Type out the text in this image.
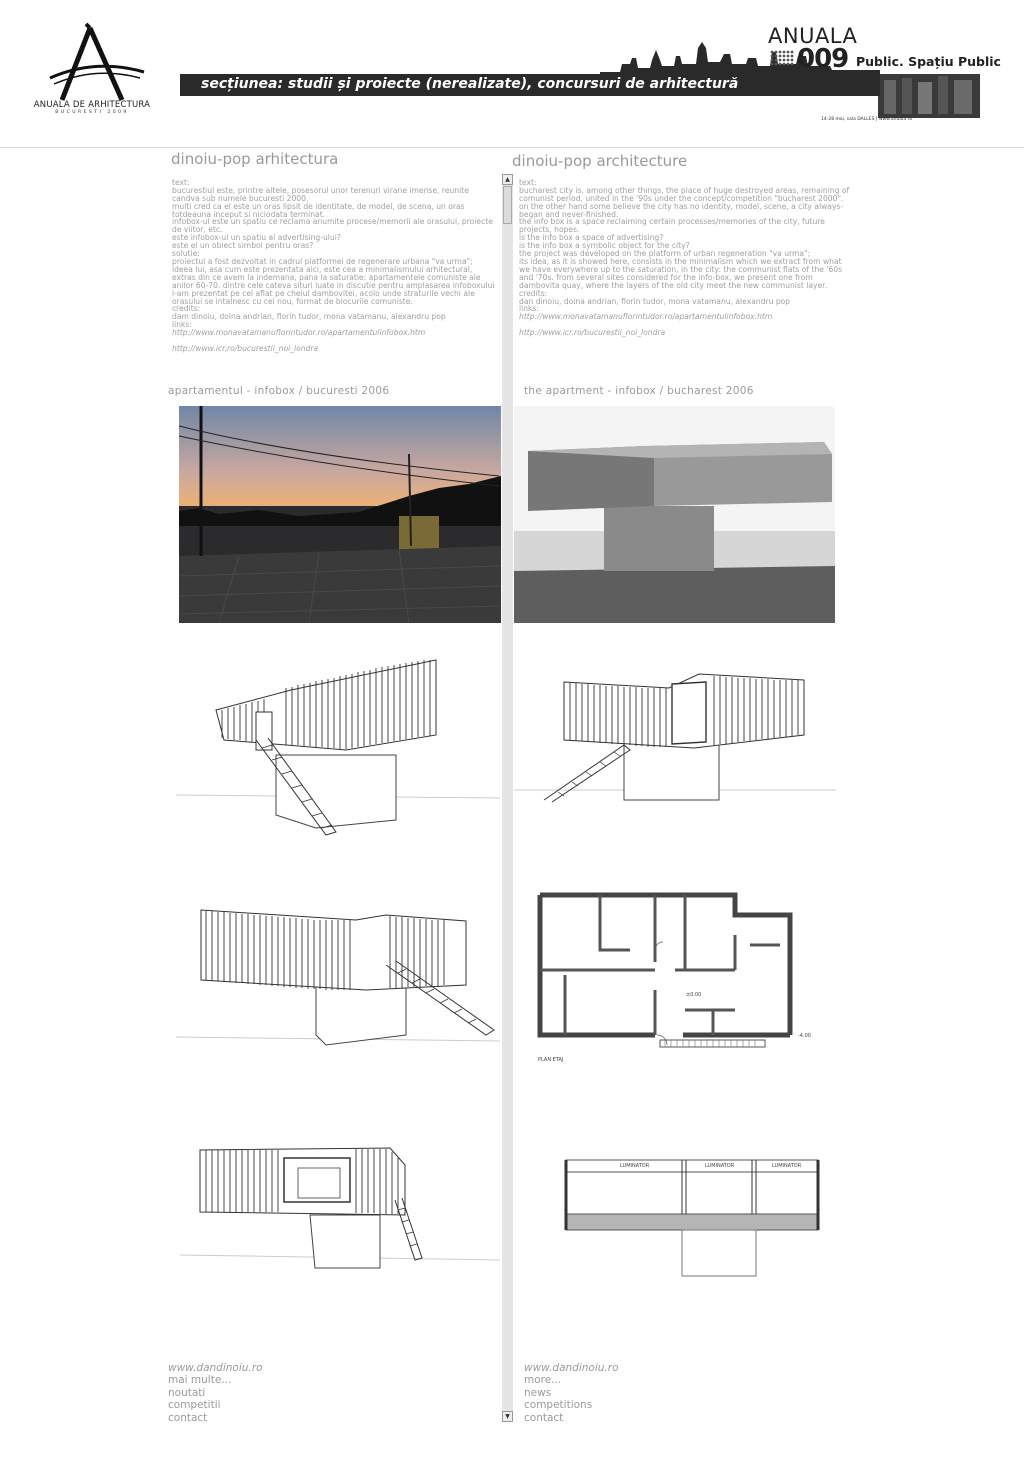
ANUALA DE ARHITECTURA
BUCURESTI 2009
ANUALA
009 Public. Spațiu Public
secțiunea: studii și proiecte (nerealizate), concursuri de arhitectură
14-28 mai, sala DALLES | www.anuala.ro
dinoiu-pop arhitectura

text:
bucurestiul este, printre altele, posesorul unor terenuri virane imense, reunite candva sub numele bucuresti 2000.
multi cred ca el este un oras lipsit de identitate, de model, de scena, un oras totdeauna inceput si niciodata terminat.
infobox-ul este un spatiu ce reclama anumite procese/memorii ale orasului, proiecte de viitor, etc.
este infobox-ul un spatiu al advertising-ului?
este el un obiect simbol pentru oras?
solutie:
proiectul a fost dezvoltat in cadrul platformei de regenerare urbana "va urma";
ideea lui, asa cum este prezentata aici, este cea a minimalismului arhitectural, extras din ce avem la indemana, pana la saturatie: apartamentele comuniste ale anilor 60-70. dintre cele cateva situri luate in discutie pentru amplasarea infoboxului l-am prezentat pe cel aflat pe cheiul dambovitei, acolo unde straturile vechi ale orasului se intalnesc cu cel nou, format de blocurile comuniste.
credits:
dam dinoiu, doina andrian, florin tudor, mona vatamanu, alexandru pop
links:

http://www.monavatamanuflorintudor.ro/apartamentulinfobox.htm

http://www.icr.ro/bucurestii_noi_londra

apartamentul - infobox / bucuresti 2006
www.dandinoiu.ro
mai multe...
noutati
competitii
contact
▲
▼
dinoiu-pop architecture

text:
bucharest city is, among other things, the place of huge destroyed areas, remaining of comunist period, united in the '90s under the concept/competition "bucharest 2000".
on the other hand some believe the city has no identity, model, scene, a city always-began and never-finished.
the info box is a space reclaiming certain processes/memories of the city, future projects, hopes.
is the info box a space of advertising?
is the info box a symbolic object for the city?
the project was developed on the platform of urban regeneration "va urma";
its idea, as it is showed here, consists in the minimalism which we extract from what we have everywhere up to the saturation, in the city: the communist flats of the '60s and '70s. from several sites considered for the info-box, we present one from dambovita quay, where the layers of the old city meet the new communist layer.
credits:
dan dinoiu, doina andrian, florin tudor, mona vatamanu, alexandru pop
links:

http://www.monavatamanuflorintudor.ro/apartamentulinfobox.htm

http://www.icr.ro/bucurestii_noi_londra

the apartment - infobox / bucharest 2006
±0.00
-4.00
PLAN ETAJ
LUMINATOR	LUMINATOR	LUMINATOR
www.dandinoiu.ro
more...
news
competitions
contact
